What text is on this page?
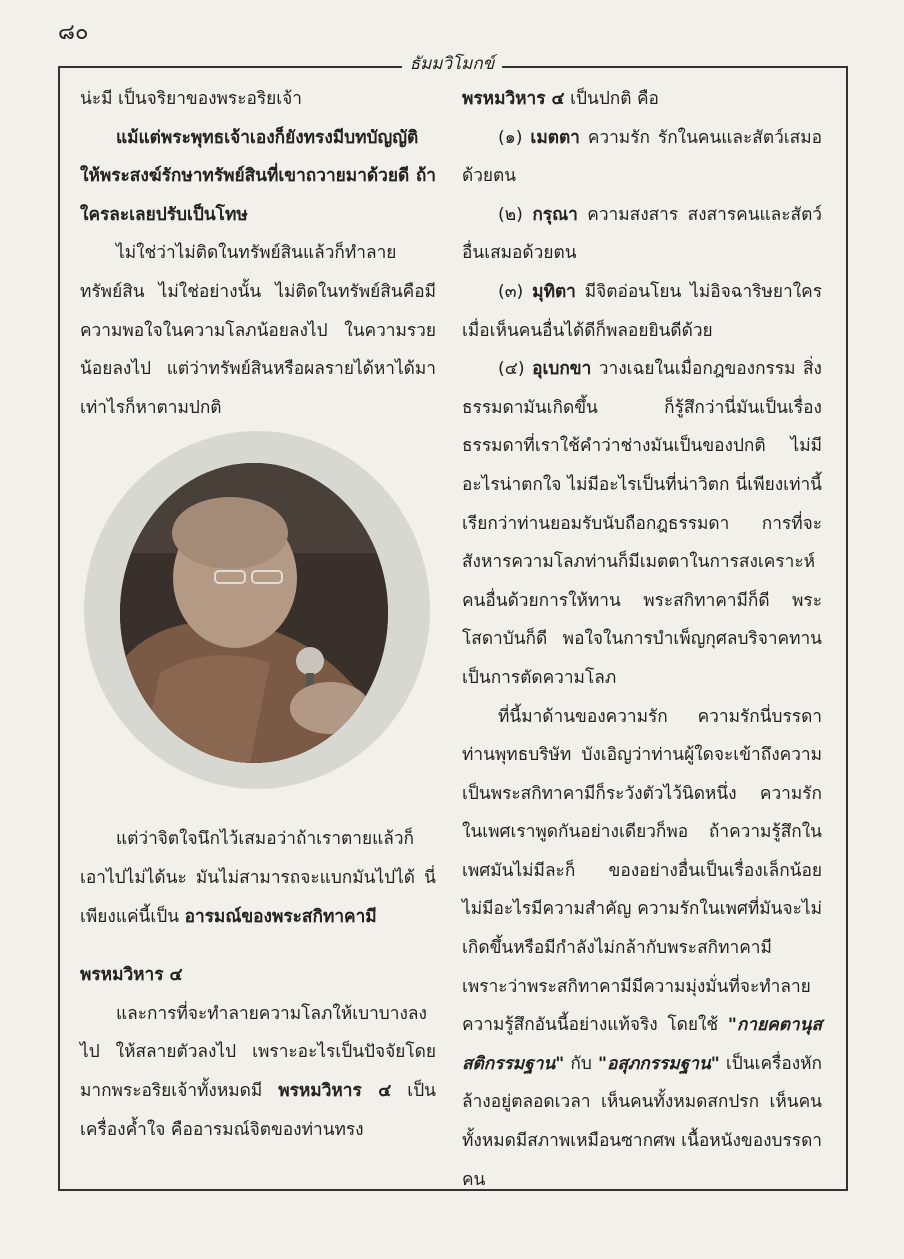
๘๐
ธัมมวิโมกข์

น่ะมี เป็นจริยาของพระอริยเจ้า

แม้แต่พระพุทธเจ้าเองก็ยังทรงมีบทบัญญัติให้พระสงฆ์รักษาทรัพย์สินที่เขาถวายมาด้วยดี ถ้าใครละเลยปรับเป็นโทษ

ไม่ใช่ว่าไม่ติดในทรัพย์สินแล้วก็ทำลายทรัพย์สิน ไม่ใช่อย่างนั้น ไม่ติดในทรัพย์สินคือมีความพอใจในความโลภน้อยลงไป ในความรวยน้อยลงไป แต่ว่าทรัพย์สินหรือผลรายได้หาได้มาเท่าไรก็หาตามปกติ

แต่ว่าจิตใจนึกไว้เสมอว่าถ้าเราตายแล้วก็เอาไปไม่ได้นะ มันไม่สามารถจะแบกมันไปได้ นี่เพียงแค่นี้เป็น อารมณ์ของพระสกิทาคามี

พรหมวิหาร ๔

และการที่จะทำลายความโลภให้เบาบางลงไป ให้สลายตัวลงไป เพราะอะไรเป็นปัจจัยโดยมากพระอริยเจ้าทั้งหมดมี พรหมวิหาร ๔ เป็นเครื่องค้ำใจ คืออารมณ์จิตของท่านทรง

พรหมวิหาร ๔ เป็นปกติ คือ

(๑) เมตตา ความรัก รักในคนและสัตว์เสมอด้วยตน

(๒) กรุณา ความสงสาร สงสารคนและสัตว์อื่นเสมอด้วยตน

(๓) มุทิตา มีจิตอ่อนโยน ไม่อิจฉาริษยาใคร เมื่อเห็นคนอื่นได้ดีก็พลอยยินดีด้วย

(๔) อุเบกขา วางเฉยในเมื่อกฎของกรรม สิ่งธรรมดามันเกิดขึ้น ก็รู้สึกว่านี่มันเป็นเรื่องธรรมดาที่เราใช้คำว่าช่างมันเป็นของปกติ ไม่มีอะไรน่าตกใจ ไม่มีอะไรเป็นที่น่าวิตก นี่เพียงเท่านี้ เรียกว่าท่านยอมรับนับถือกฎธรรมดา การที่จะสังหารความโลภท่านก็มีเมตตาในการสงเคราะห์คนอื่นด้วยการให้ทาน พระสกิทาคามีก็ดี พระโสดาบันก็ดี พอใจในการบำเพ็ญกุศลบริจาคทานเป็นการตัดความโลภ

ที่นี้มาด้านของความรัก ความรักนี่บรรดาท่านพุทธบริษัท บังเอิญว่าท่านผู้ใดจะเข้าถึงความเป็นพระสกิทาคามีก็ระวังตัวไว้นิดหนึ่ง ความรักในเพศเราพูดกันอย่างเดียวก็พอ ถ้าความรู้สึกในเพศมันไม่มีละก็ ของอย่างอื่นเป็นเรื่องเล็กน้อยไม่มีอะไรมีความสำคัญ ความรักในเพศที่มันจะไม่เกิดขึ้นหรือมีกำลังไม่กล้ากับพระสกิทาคามี เพราะว่าพระสกิทาคามีมีความมุ่งมั่นที่จะทำลายความรู้สึกอันนี้อย่างแท้จริง โดยใช้ "กายคตานุสสติกรรมฐาน" กับ "อสุภกรรมฐาน" เป็นเครื่องหักล้างอยู่ตลอดเวลา เห็นคนทั้งหมดสกปรก เห็นคนทั้งหมดมีสภาพเหมือนซากศพ เนื้อหนังของบรรดาคน
